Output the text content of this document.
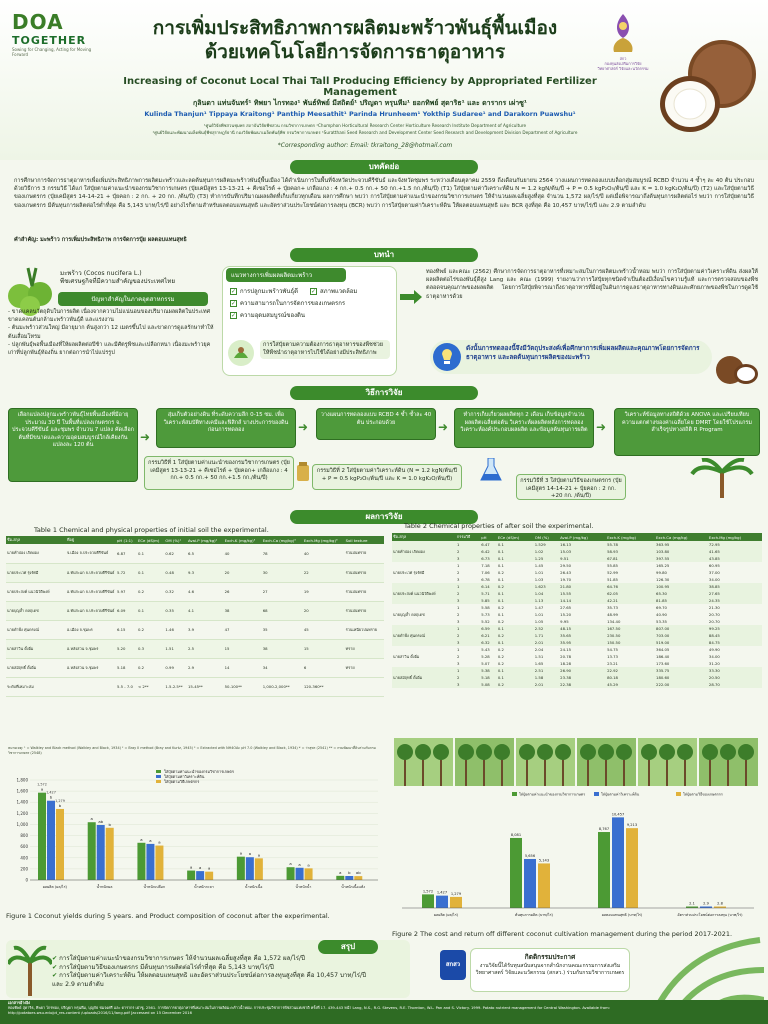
DOA
TOGETHER
Sowing for Changing, Acting for Moving Forward
การเพิ่มประสิทธิภาพการผลิตมะพร้าวพันธุ์พื้นเมือง
ด้วยเทคโนโลยีการจัดการธาตุอาหาร
Increasing of Coconut Local Thai Tall Producing Efficiency by Appropriated Fertilizer Management
กุลินดา แท่นจันทร์¹ ทิพยา ไกรทอง¹ พันธ์ทิพย์ มีสถิตย์¹ ปริญดา หรุนหีม¹ ยอกทิพย์ สุดาริธ¹ และ ดารากร เผ่าซู¹
Kulinda Thanjun¹ Tippaya Kraitong¹ Panthip Meesathit¹ Parinda Hrunheem¹ Yokthip Sudaree¹ and Darakorn Puawshu¹
¹ศูนย์วิจัยพืชสวนชุมพร สถาบันวิจัยพืชสวน กรมวิชาการเกษตร ¹Chumphon Horticultural Research Center Horticulture Research Institute Department of Agriculture
¹ศูนย์วิจัยและพัฒนาเมล็ดพันธุ์พืชสุราษฎร์ธานี กองวิจัยพัฒนาเมล็ดพันธุ์พืช กรมวิชาการเกษตร ¹Suratthani Seed Research and Development Center Seed Research and Development Division Department of Agriculture
*Corresponding author: Email: tkraitong_28@hotmail.com
สกว
กองทุนส่งเสริมการวิจัยวิทยาศาสตร์ วิจัยและนวัตกรรม
บทคัดย่อ
การศึกษาการจัดการธาตุอาหารเพื่อเพิ่มประสิทธิภาพการผลิตมะพร้าวและลดต้นทุนการผลิตมะพร้าวพันธุ์พื้นเมือง ได้ดำเนินการในพื้นที่จังหวัดประจวบคีรีขันธ์ และจังหวัดชุมพร ระหว่างเดือนตุลาคม 2559 ถึงเดือนกันยายน 2564 วางแผนการทดลองแบบบล็อกสุ่มสมบูรณ์ RCBD จำนวน 4 ซ้ำๆ ละ 40 ต้น ประกอบด้วยวิธีการ 3 กรรมวิธี ได้แก่ ใส่ปุ๋ยตามค่าแนะนำของกรมวิชาการเกษตร (ปุ๋ยเคมีสูตร 13-13-21 + คีเซอไรต์ + ปุ๋ยคอก+ เกลือแกง : 4 กก.+ 0.5 กก.+ 50 กก.+1.5 กก./ต้น/ปี) (T1) ใส่ปุ๋ยตามค่าวิเคราะห์ดิน N = 1.2 kgN/ต้น/ปี + P = 0.5 kgP₂O₅/ต้น/ปี และ K = 1.0 kgK₂O/ต้น/ปี) (T2) และใส่ปุ๋ยตามวิธีของเกษตรกร (ปุ๋ยเคมีสูตร 14-14-21 + ปุ๋ยคอก : 2 กก. + 20 กก. /ต้น/ปี) (T3) ทำการบันทึกปริมาณผลผลิตที่เก็บเกี่ยวทุกเดือน ผลการศึกษา พบว่า การใส่ปุ๋ยตามค่าแนะนำของกรมวิชาการเกษตร ให้จำนวนผลเฉลี่ยสูงที่สุด จำนวน 1,572 ผล/ไร่/ปี แต่เมื่อพิจารณาถึงต้นทุนการผลิตต่อไร่ พบว่า การใส่ปุ๋ยตามวิธีของเกษตรกร มีต้นทุนการผลิตต่อไร่ต่ำที่สุด คือ 5,143 บาท/ไร่/ปี อย่างไรก็ตามสำหรับผลตอบแทนสุทธิ และอัตราส่วนประโยชน์ต่อการลงทุน (BCR) พบว่า การใส่ปุ๋ยตามค่าวิเคราะห์ดิน ให้ผลตอบแทนสุทธิ และ BCR สูงที่สุด คือ 10,457 บาท/ไร่/ปี และ 2.9 ตามลำดับ
คำสำคัญ: มะพร้าว การเพิ่มประสิทธิภาพ การจัดการปุ๋ย ผลตอบแทนสุทธิ
บทนำ
มะพร้าว (Cocos nucifera L.)
พืชเศรษฐกิจที่มีความสำคัญของประเทศไทย
ปัญหาสำคัญในภาคอุตสาหกรรม
- ขาดแคลนวัตถุดิบในการผลิต เนื่องจากความไม่แน่นอนของปริมาณผลผลิตในประเทศ ขาดแคลนต้นกล้ามะพร้าวพันธุ์ดี และแรงงาน
- ต้นมะพร้าวส่วนใหญ่ มีอายุมาก ต้นสูงกว่า 12 เมตรขึ้นไป และขาดการดูแลรักษาทำให้ต้นเสื่อมโทรม
- ปลูกพันธุ์พอพื้นเมืองที่ให้ผลผลิตต่อปีช้า และมีศัตรูพืชและเปลือกหนา เนื่องมะพร้าวยุคเก่าที่ปลูกพันธุ์ท้องถิ่น ยากต่อการนำไปแปรรูป
แนวทางการเพิ่มผลผลิตมะพร้าว
✓ การปลูกมะพร้าวพันธุ์ดี ✓ สภาพแวดล้อม
✓ ความสามารถในการจัดการของเกษตรกร
✓ ความอุดมสมบูรณ์ของดิน
การใส่ปุ๋ยตามความต้องการธาตุอาหารของพืชช่วยให้พืชนำธาตุอาหารไปใช้ได้อย่างมีประสิทธิภาพ
ทองทิพย์ และคณะ (2562) ศึกษาการจัดการธาตุอาหารที่เหมาะสมในการผลิตมะพร้าวน้ำหอม พบว่า การใส่ปุ๋ยตามค่าวิเคราะห์ดิน ส่งผลให้ผลผลิตต่อไร่ของพันธุ์ดีสูง Lang และ คณะ (1999) รายงานว่าการใส่ปุ๋ยทุกชนิดจำเป็นต้องมีเงื่อนไขความรู้แท้ และการตรวจสอบของพืชตลอดจนคุณภาพของผลผลิต โดยการใส่ปุ๋ยพิจารณาถึงธาตุอาหารที่มีอยู่ในดินการดูแลธาตุอาหารทางดินและศักยภาพของพืชในการดูดใช้ธาตุอาหารด้วย
ดังนั้นการทดลองนี้จึงมีวัตถุประสงค์เพื่อศึกษาการเพิ่มผลผลิตและคุณภาพโดยการจัดการธาตุอาหาร และลดต้นทุนการผลิตของมะพร้าว
วิธีการวิจัย
เลือกแปลงปลูกมะพร้าวพันธุ์ไทยพื้นเมืองที่มีอายุประมาณ 30 ปี ในพื้นที่แปลงเกษตรกร จ. ประจวบคีรีขันธ์ และชุมพร จำนวน 7 แปลง คัดเลือกต้นที่มีขนาดและความอุดมสมบูรณ์ใกล้เคียงกัน แปลงละ 120 ต้น
➜
สุ่มเก็บตัวอย่างดิน ที่ระดับความลึก 0-15 ซม. เพื่อวิเคราะห์สมบัติทางเคมีและฟิสิกส์ บางประการของดินก่อนการทดลอง	➜
วางแผนการทดลองแบบ RCBD 4 ซ้ำ ซ้ำละ 40 ต้น ประกอบด้วย	➜
ทำการเก็บเกี่ยวผลผลิตทุก 2 เดือน เก็บข้อมูลจำนวนผลผลิตเฉลี่ยต่อต้น วิเคราะห์ผลผลิตหลังการทดลอง วิเคราะห์องค์ประกอบผลผลิต และข้อมูลต้นทุนการผลิต ➜
วิเคราะห์ข้อมูลทางสถิติด้วย ANOVA และเปรียบเทียบความแตกต่างของค่าเฉลี่ยโดย DMRT โดยใช้โปรแกรมสำเร็จรูปทางสถิติ R Program
กรรมวิธีที่ 1 ใส่ปุ๋ยตามค่าแนะนำของกรมวิชาการเกษตร (ปุ๋ยเคมีสูตร 13-13-21 + คีเซอไรต์ + ปุ๋ยคอก+ เกลือแกง : 4 กก.+ 0.5 กก.+ 50 กก.+1.5 กก./ต้น/ปี)
กรรมวิธีที่ 2 ใส่ปุ๋ยตามค่าวิเคราะห์ดิน (N = 1.2 kgN/ต้น/ปี + P = 0.5 kgP₂O₅/ต้น/ปี และ K = 1.0 kgK₂O/ต้น/ปี)	กรรมวิธีที่ 3 ใส่ปุ๋ยตามวิธีของเกษตรกร (ปุ๋ยเคมีสูตร 14-14-21 + ปุ๋ยคอก : 2 กก. +20 กก. /ต้น/ปี)
ผลการวิจัย
Table 1 Chemical and physical properties of initial soil the experimental.
ชื่อ-สกุล	ที่อยู่	pH (1:1)	ECe (dS/m)	OM (%)¹	Avai.P (mg/kg)²	Exch.K (mg/kg)³	Exch.Ca (mg/kg)³	Exch.Mg (mg/kg)³	Soil texture
นายคำปอง เกิดผอง	จ.เมือง จ.ประจวบคีรีขันธ์	6.87	0.1	0.62	6.5	40	78	40	ร่วนปนทราย
นายประเวศ รุ่งรัศมี	อ.ทับสะแก จ.ประจวบคีรีขันธ์	5.72	0.1	0.48	9.3	20	30	22	ร่วนปนทราย
นายประสงค์ แนวนิวัติพงษ์	อ.ทับสะแก จ.ประจวบคีรีขันธ์	5.97	0.2	0.32	4.6	26	27	19	ร่วนปนทราย
นายบุญล้ำ ดลฤเดช	อ.ทับสะแก จ.ประจวบคีรีขันธ์	6.09	0.1	0.35	4.1	38	68	20	ร่วนปนทราย
นายดำพึง ศุนดรงณ์	อ.เมือง จ.ชุมพร	6.15	0.2	1.46	3.9	47	35	45	ร่วนเหนียวปนทราย
นายสาวิน ตั้งอิ่ม	อ.หลังสวน จ.ชุมพร	5.20	0.3	1.51	2.5	15	38	15	ทราย
นายสมัฤทธิ์ ตั้งอิ่ม	อ.หลังสวน จ.ชุมพร	5.18	0.2	0.99	2.9	14	34	6	ทราย
ระดับที่เหมาะสม		5.5 - 7.0	< 2**	1.5-2.5**	15-45**	50-100**	1,000-2,000**	120-360**	
หมายเหตุ: ¹ = Walkley and Black method (Walkley and Black, 1934) ² = Bray II method (Bray and Kurtz, 1945) ³ = Extracted with NH4OAc pH 7.0 (Walkley and Black, 1934) * = ว่าสุพร (2541) ** = กรมพัฒนาที่ดินร่วมกับกรมวิชาการเกษตร (2548)
Table 2 Chemical properties of after soil the experimental.
ชื่อ-สกุล	กรรมวิธี	pH	ECe (dS/m)	OM (%)	Avai.P (mg/kg)	Exch.K (mg/kg)	Exch.Ca (mg/kg)	Exch.Mg (mg/kg)
	1	6.47	0.1	1.529	16.13	55.78	363.95	72.95
นายคำปอง เกิดผอง	2	6.42	0.1	1.02	15.03	58.93	103.80	41.65
	3	6.73	0.1	1.25	9.51	67.81	397.55	43.85
	1	7.18	0.1	1.45	29.50	55.85	165.25	60.95
นายประเวศ รุ่งรัศมี	2	7.06	0.2	1.01	26.43	52.99	99.80	37.00
	3	6.78	0.1	1.03	19.70	51.85	126.30	34.00
	1	6.14	0.2	1.623	21.80	64.76	100.95	38.85
นายประสงค์ แนวนิวัติพงษ์	2	5.71	0.1	1.04	15.55	62.05	65.30	27.65
	3	5.85	0.1	1.13	14.14	42.21	81.85	24.35
	1	5.58	0.2	1.47	27.65	35.73	69.70	21.30
นายบุญล้ำ ดลฤเดช	2	5.73	0.1	1.01	15.20	48.99	40.90	20.70
	3	5.52	0.2	1.05	9.95	134.40	53.35	20.70
	1	6.59	0.1	2.52	48.15	167.50	807.00	99.25
นายดำพึง ศุนดรงณ์	2	6.21	0.2	1.71	35.65	230.50	703.00	88.45
	3	6.32	0.1	2.01	35.95	150.50	519.00	84.75
	1	5.43	0.2	2.04	24.15	54.75	364.05	49.90
นายสาวิน ตั้งอิ่ม	2	5.28	0.2	1.51	20.78	13.73	186.40	34.00
	3	5.07	0.2	1.65	18.28	23.21	173.60	31.20
	1	5.38	0.1	2.51	26.90	22.92	335.75	33.30
นายสมัฤทธิ์ ตั้งอิ่ม	2	5.18	0.1	1.58	23.38	80.18	180.60	20.50
	3	5.08	0.2	2.01	22.38	45.29	222.00	28.70
0
200
400
600
800
1,000
1,200
1,400
1,600
1,800
ใส่ปุ๋ยตามค่าแนะนำของกรมวิชาการเกษตร
ใส่ปุ๋ยตามค่าวิเคราะห์ดิน
ใส่ปุ๋ยตามวิธีเกษตรกร
a
b
b
ผลผลิต (ผล/ไร่)
a
ab
b
น้ำหนักผล
a a a
น้ำหนักเปลือก
a a a
น้ำหนักกะลา
a a a
น้ำหนักเนื้อ
a a a
น้ำหนักน้ำ
a b ab
น้ำหนักเนื้อแห้ง
1,572
1,427
1,279
Figure 1 Coconut yields during 5 years. and Product composition of coconut after the experimental.
ใส่ปุ๋ยตามค่าแนะนำของกรมวิชาการเกษตร	ใส่ปุ๋ยตามค่าวิเคราะห์ดิน	ใส่ปุ๋ยตามวิธีของเกษตรกร
1,572 1,427 1,279
ผลผลิต (ผล/ไร่)
8,081
5,656
5,143
ต้นทุนการผลิต (บาท/ไร่)
8,767
10,457
9,213
ผลตอบแทนสุทธิ (บาท/ไร่)
2.1 2.9 2.8
อัตราส่วนประโยชน์ต่อการลงทุน (บาท/ไร่)
Figure 2 The cost and return off different coconut cultivation management during the period 2017-2021.
สรุป
✔ การใส่ปุ๋ยตามค่าแนะนำของกรมวิชาการเกษตร ให้จำนวนผลเฉลี่ยสูงที่สุด คือ 1,572 ผล/ไร่/ปี
✔ การใส่ปุ๋ยตามวิธีของเกษตรกร มีต้นทุนการผลิตต่อไร่ต่ำที่สุด คือ 5,143 บาท/ไร่/ปี
✔ การใส่ปุ๋ยตามค่าวิเคราะห์ดิน ให้ผลตอบแทนสุทธิ และอัตราส่วนประโยชน์ต่อการลงทุนสูงที่สุด คือ 10,457 บาท/ไร่/ปี และ 2.9 ตามลำดับ
กิตติกรรมประกาศ
งานวิจัยนี้ได้รับทุนสนับสนุนจากสำนักงานคณะกรรมการส่งเสริมวิทยาศาสตร์ วิจัยและนวัตกรรม (สกสว.) ร่วมกับกรมวิชาการเกษตร
สกสว
เอกสารอ้างอิง
ทองทิพย์ สุดาริธ, ทิพยา ไกรทอง, ปริญดา หรุนหีม, บุญกัธ ชมจงศรี และ ดารากร เผ่าซู. 2561. การจัดการธาตุอาหารที่เหมาะสมในการผลิตมะพร้าวน้ำหอม. การประชุมวิชาการพืชสวนแห่งชาติ ครั้งที่ 17. 439-443 หน้า Lang, N.S., R.G. Stevens, R.E. Thornton, W.L. Pan and S. Victory. 1999. Potato nutrient management for Central Washington. Available from: http://potatoes.wsu.edu/pt_res-content /uploads/2016/11/lang.pdf [accessed on 15 December 2016
